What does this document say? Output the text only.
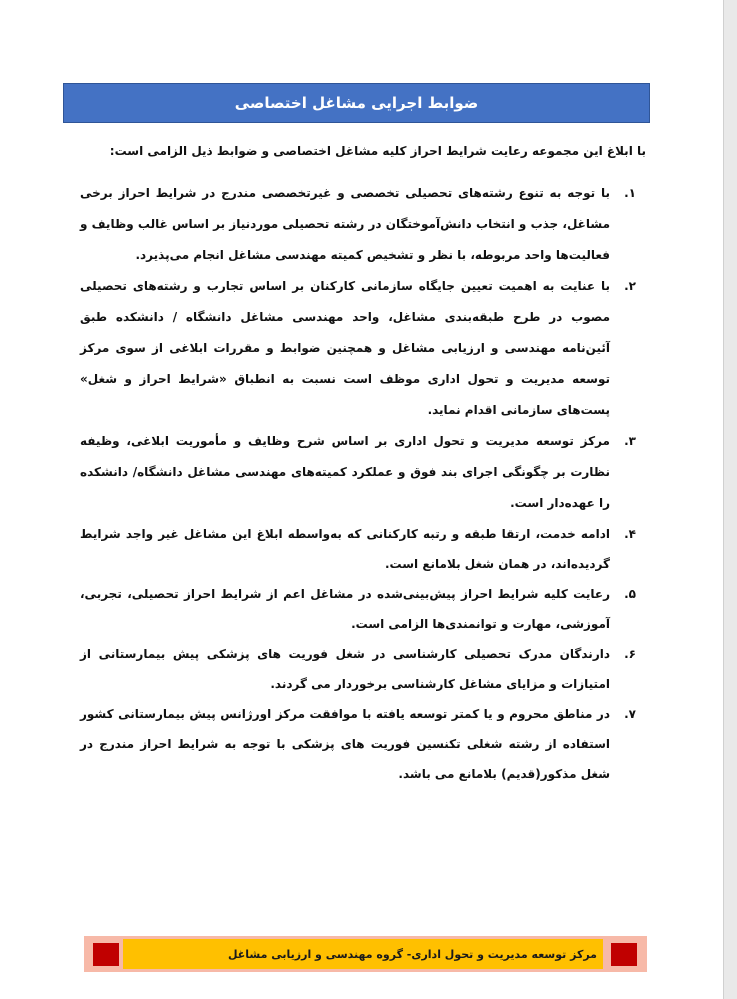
ضوابط اجرایی مشاغل اختصاصی
با ابلاغ این مجموعه رعایت شرایط احراز کلیه مشاغل اختصاصی و ضوابط ذیل الزامی است:
۱.
با توجه به تنوع رشته‌های تحصیلی تخصصی و غیرتخصصی مندرج در شرایط احراز برخی مشاغل، جذب و انتخاب دانش‌آموختگان در رشته تحصیلی موردنیاز بر اساس غالب وظایف و فعالیت‌ها واحد مربوطه، با نظر و تشخیص کمیته مهندسی مشاغل انجام می‌پذیرد.
۲.
با عنایت به اهمیت تعیین جایگاه سازمانی کارکنان بر اساس تجارب و رشته‌های تحصیلی مصوب در طرح طبقه‌بندی مشاغل، واحد مهندسی مشاغل دانشگاه / دانشکده طبق آئین‌نامه مهندسی و ارزیابی مشاغل و همچنین ضوابط و مقررات ابلاغی از سوی مرکز توسعه مدیریت و تحول اداری موظف است نسبت به انطباق «شرایط احراز و شغل» پست‌های سازمانی اقدام نماید.
۳.
مرکز توسعه مدیریت و تحول اداری بر اساس شرح وظایف و مأموریت ابلاغی، وظیفه نظارت بر چگونگی اجرای بند فوق و عملکرد کمیته‌های مهندسی مشاغل دانشگاه/ دانشکده را عهده‌دار است.
۴.
ادامه خدمت، ارتقا طبقه و رتبه کارکنانی که به‌واسطه ابلاغ این مشاغل غیر واجد شرایط گردیده‌اند، در همان شغل بلامانع است.
۵.
رعایت کلیه شرایط احراز پیش‌بینی‌شده در مشاغل اعم از شرایط احراز تحصیلی، تجربی، آموزشی، مهارت و توانمندی‌ها الزامی است.
۶.
دارندگان مدرک تحصیلی کارشناسی در شغل فوریت های پزشکی پیش بیمارستانی از امتیازات و مزایای مشاغل کارشناسی برخوردار می گردند.
۷.
در مناطق محروم و یا کمتر توسعه یافته با موافقت مرکز اورژانس پیش بیمارستانی کشور استفاده از رشته شغلی تکنسین فوریت های پزشکی با توجه به شرایط احراز مندرج در شغل مذکور(قدیم) بلامانع می باشد.
مرکز توسعه مدیریت و تحول اداری- گروه مهندسی و ارزیابی مشاغل
